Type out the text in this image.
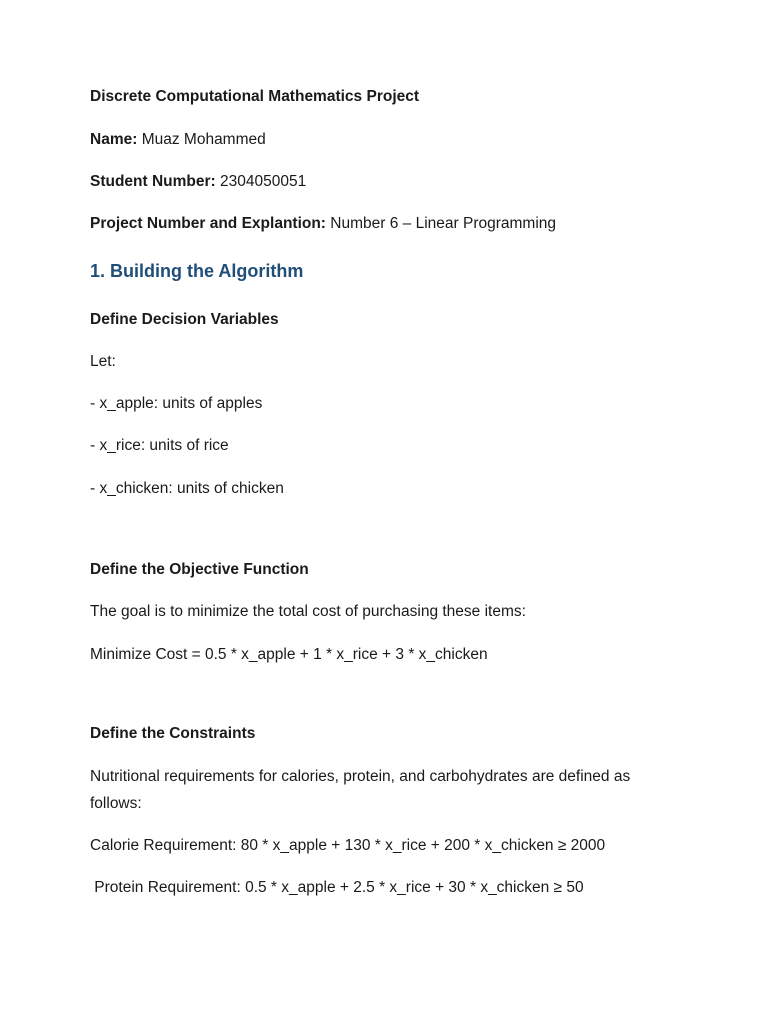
Discrete Computational Mathematics Project
Name: Muaz Mohammed
Student Number: 2304050051
Project Number and Explantion: Number 6 – Linear Programming
1. Building the Algorithm
Define Decision Variables
Let:
- x_apple: units of apples
- x_rice: units of rice
- x_chicken: units of chicken
Define the Objective Function
The goal is to minimize the total cost of purchasing these items:
Minimize Cost = 0.5 * x_apple + 1 * x_rice + 3 * x_chicken
Define the Constraints
Nutritional requirements for calories, protein, and carbohydrates are defined as follows:
Calorie Requirement: 80 * x_apple + 130 * x_rice + 200 * x_chicken ≥ 2000
Protein Requirement: 0.5 * x_apple + 2.5 * x_rice + 30 * x_chicken ≥ 50
